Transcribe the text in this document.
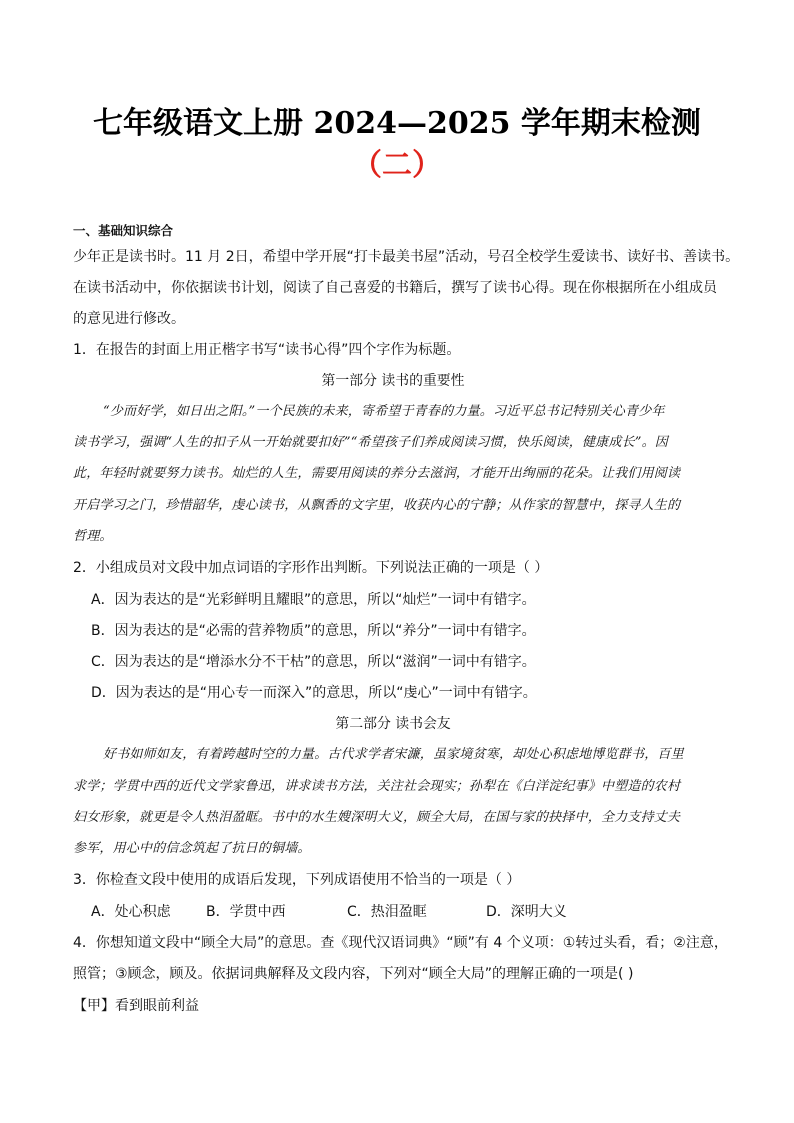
七年级语文上册 2024—2025 学年期末检测
（二）
一、基础知识综合
少年正是读书时。11 月 2日，希望中学开展“打卡最美书屋”活动，号召全校学生爱读书、读好书、善读书。
在读书活动中，你依据读书计划，阅读了自己喜爱的书籍后，撰写了读书心得。现在你根据所在小组成员
的意见进行修改。
1．在报告的封面上用正楷字书写“读书心得”四个字作为标题。
第一部分 读书的重要性
“少而好学，如日出之阳。”一个民族的未来，寄希望于青春的力量。习近平总书记特别关心青少年
读书学习，强调“人生的扣子从一开始就要扣好”“希望孩子们养成阅读习惯，快乐阅读，健康成长”。因
此，年轻时就要努力读书。灿烂的人生，需要用阅读的养分去滋润，才能开出绚丽的花朵。让我们用阅读
开启学习之门，珍惜韶华，虔心读书，从飘香的文字里，收获内心的宁静；从作家的智慧中，探寻人生的
哲理。
2．小组成员对文段中加点词语的字形作出判断。下列说法正确的一项是（ ）
A．因为表达的是“光彩鲜明且耀眼”的意思，所以“灿烂”一词中有错字。
B．因为表达的是“必需的营养物质”的意思，所以“养分”一词中有错字。
C．因为表达的是“增添水分不干枯”的意思，所以“滋润”一词中有错字。
D．因为表达的是“用心专一而深入”的意思，所以“虔心”一词中有错字。
第二部分 读书会友
好书如师如友，有着跨越时空的力量。古代求学者宋濂，虽家境贫寒，却处心积虑地博览群书，百里
求学；学贯中西的近代文学家鲁迅，讲求读书方法，关注社会现实；孙犁在《白洋淀纪事》中塑造的农村
妇女形象，就更是令人热泪盈眶。书中的水生嫂深明大义，顾全大局，在国与家的抉择中，全力支持丈夫
参军，用心中的信念筑起了抗日的铜墙。
3．你检查文段中使用的成语后发现，下列成语使用不恰当的一项是（ ）
A．处心积虑	B．学贯中西	C．热泪盈眶	D．深明大义
4．你想知道文段中“顾全大局”的意思。查《现代汉语词典》“顾”有 4 个义项：①转过头看，看；②注意，
照管；③顾念，顾及。依据词典解释及文段内容，下列对“顾全大局”的理解正确的一项是( )
【甲】看到眼前利益
